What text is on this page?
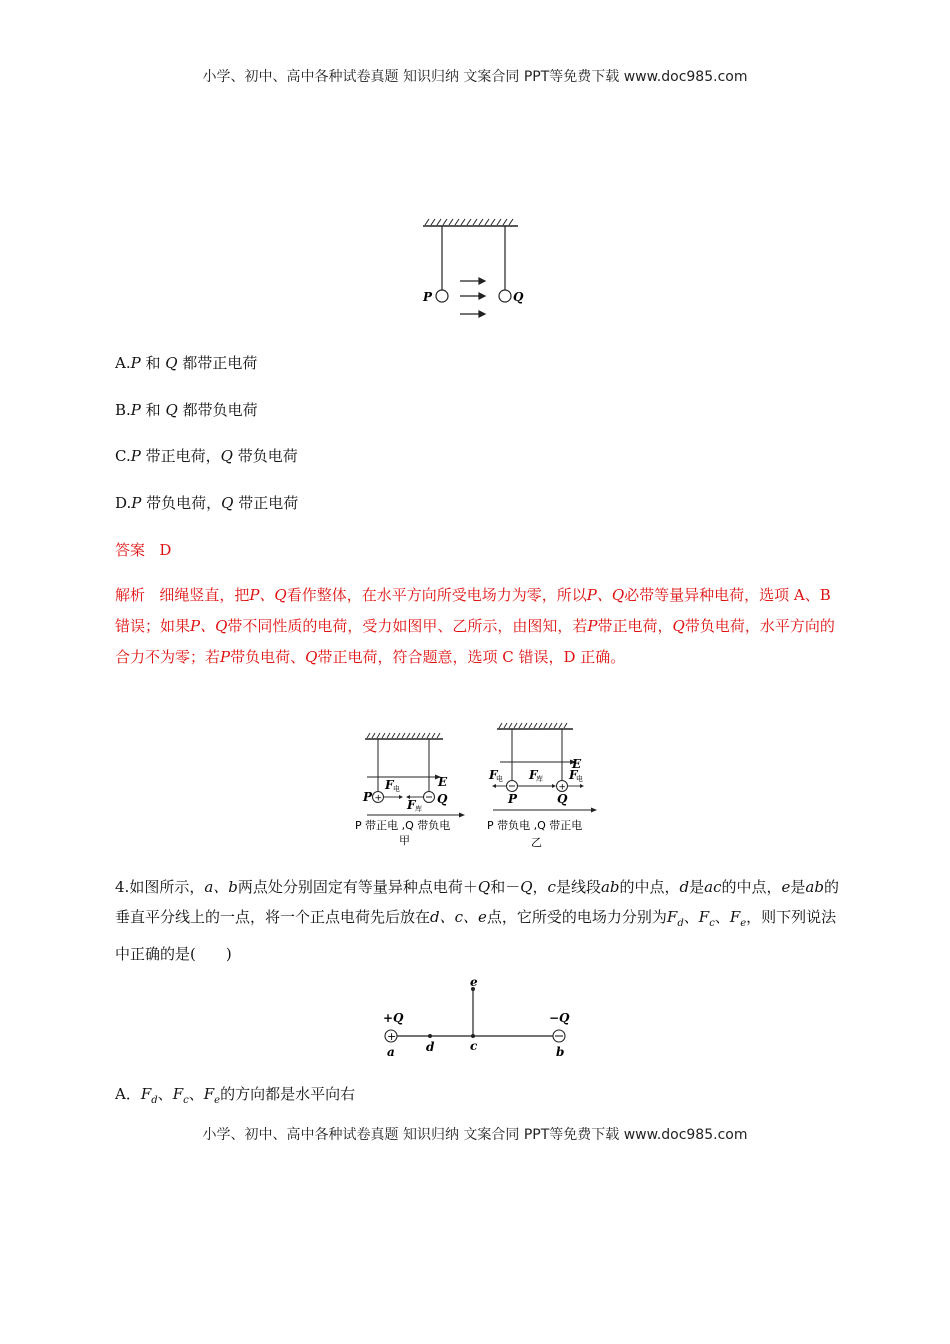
小学、初中、高中各种试卷真题 知识归纳 文案合同 PPT等免费下载 www.doc985.com
P	Q
A.P 和 Q 都带正电荷
B.P 和 Q 都带负电荷
C.P 带正电荷，Q 带负电荷
D.P 带负电荷，Q 带正电荷
答案 D
解析 细绳竖直，把P、Q看作整体，在水平方向所受电场力为零，所以P、Q必带等量异种电荷，选项 A、B 错误；如果P、Q带不同性质的电荷，受力如图甲、乙所示，由图知，若P带正电荷，Q带负电荷，水平方向的合力不为零；若P带负电荷、Q带正电荷，符合题意，选项 C 错误，D 正确。
+
E
F 电
F 库
P	Q
P 带正电 ,Q 带负电
甲
+
E
F
电 F
库 F
电
P	Q
P 带负电 ,Q 带正电
乙
4.如图所示，a、b两点处分别固定有等量异种点电荷＋Q和－Q，c是线段ab的中点，d是ac的中点，e是ab的垂直平分线上的一点，将一个正点电荷先后放在d、c、e点，它所受的电场力分别为$F_d$、$F_c$、$F_e$，则下列说法中正确的是(　　)
+
+Q	−Q
a	b
c
d
e
A．$F_d$、$F_c$、$F_e$的方向都是水平向右
小学、初中、高中各种试卷真题 知识归纳 文案合同 PPT等免费下载 www.doc985.com
